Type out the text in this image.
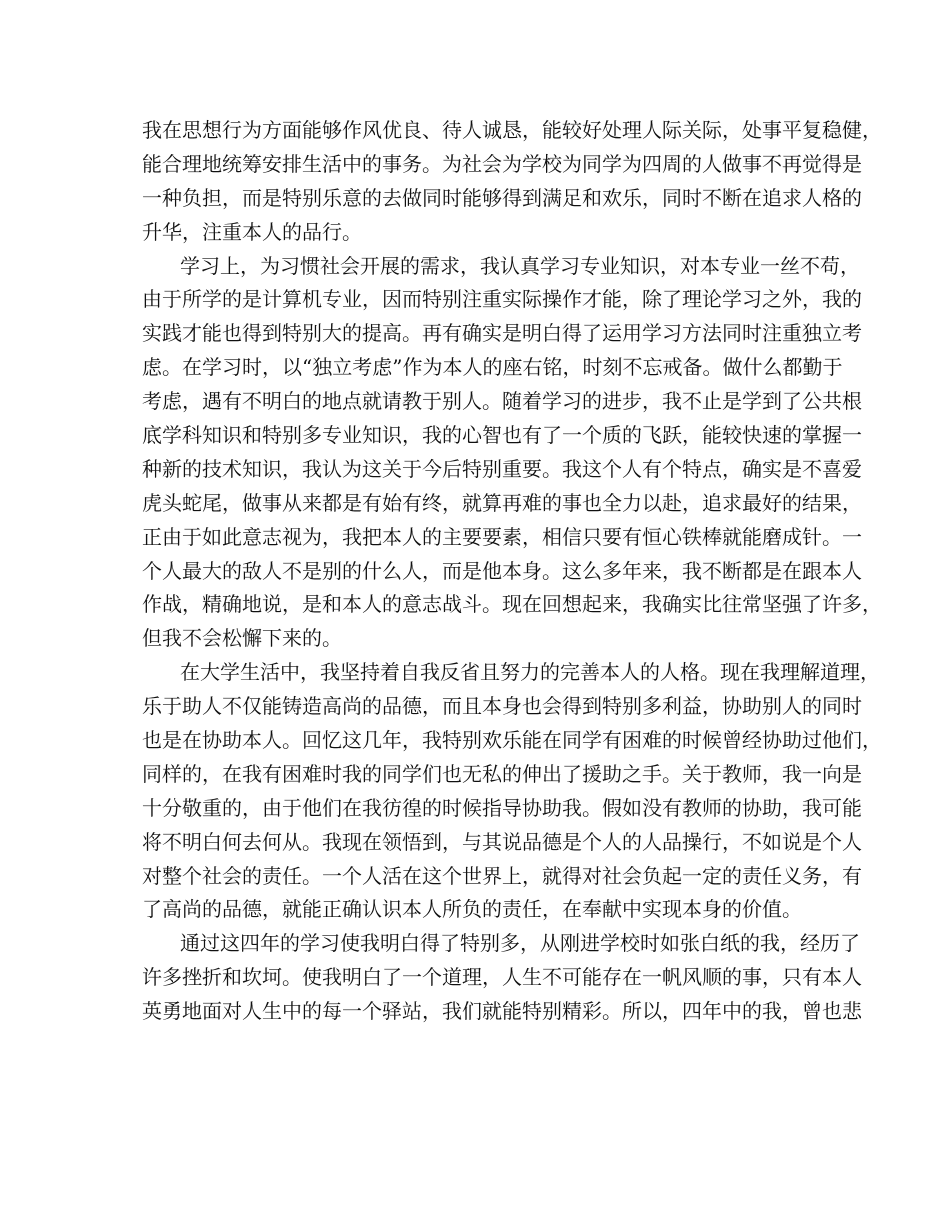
我在思想行为方面能够作风优良、待人诚恳，能较好处理人际关际，处事平复稳健，
能合理地统筹安排生活中的事务。为社会为学校为同学为四周的人做事不再觉得是
一种负担，而是特别乐意的去做同时能够得到满足和欢乐，同时不断在追求人格的
升华，注重本人的品行。
学习上，为习惯社会开展的需求，我认真学习专业知识，对本专业一丝不苟，
由于所学的是计算机专业，因而特别注重实际操作才能，除了理论学习之外，我的
实践才能也得到特别大的提高。再有确实是明白得了运用学习方法同时注重独立考
虑。在学习时，以“独立考虑”作为本人的座右铭，时刻不忘戒备。做什么都勤于
考虑，遇有不明白的地点就请教于别人。随着学习的进步，我不止是学到了公共根
底学科知识和特别多专业知识，我的心智也有了一个质的飞跃，能较快速的掌握一
种新的技术知识，我认为这关于今后特别重要。我这个人有个特点，确实是不喜爱
虎头蛇尾，做事从来都是有始有终，就算再难的事也全力以赴，追求最好的结果，
正由于如此意志视为，我把本人的主要要素，相信只要有恒心铁棒就能磨成针。一
个人最大的敌人不是别的什么人，而是他本身。这么多年来，我不断都是在跟本人
作战，精确地说，是和本人的意志战斗。现在回想起来，我确实比往常坚强了许多，
但我不会松懈下来的。
在大学生活中，我坚持着自我反省且努力的完善本人的人格。现在我理解道理，
乐于助人不仅能铸造高尚的品德，而且本身也会得到特别多利益，协助别人的同时
也是在协助本人。回忆这几年，我特别欢乐能在同学有困难的时候曾经协助过他们，
同样的，在我有困难时我的同学们也无私的伸出了援助之手。关于教师，我一向是
十分敬重的，由于他们在我彷徨的时候指导协助我。假如没有教师的协助，我可能
将不明白何去何从。我现在领悟到，与其说品德是个人的人品操行，不如说是个人
对整个社会的责任。一个人活在这个世界上，就得对社会负起一定的责任义务，有
了高尚的品德，就能正确认识本人所负的责任，在奉献中实现本身的价值。
通过这四年的学习使我明白得了特别多，从刚进学校时如张白纸的我，经历了
许多挫折和坎坷。使我明白了一个道理，人生不可能存在一帆风顺的事，只有本人
英勇地面对人生中的每一个驿站，我们就能特别精彩。所以，四年中的我，曾也悲
